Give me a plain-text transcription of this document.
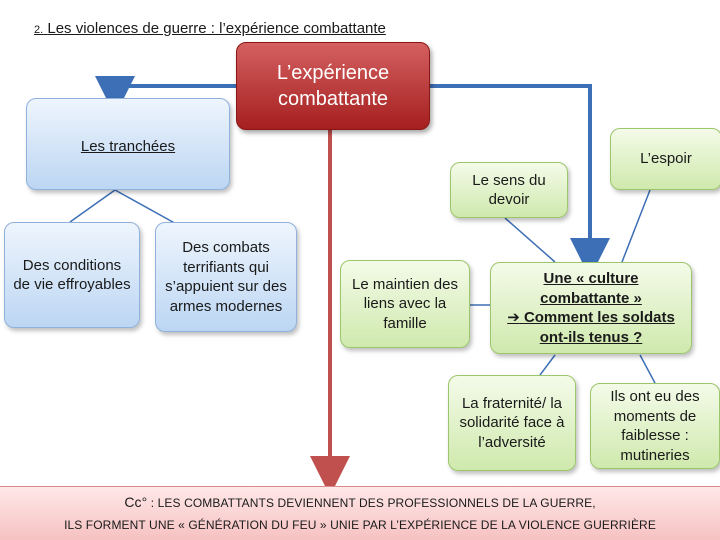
2. Les violences de guerre : l’expérience combattante
L’expérience combattante
Les tranchées
Des conditions de vie effroyables
Des combats terrifiants qui s’appuient sur des armes modernes
Le maintien des liens avec la famille
Le sens du devoir
L’espoir
Une « culture combattante »
➔ Comment les soldats ont-ils tenus ?
La fraternité/ la solidarité face à l’adversité
Ils ont eu des moments de faiblesse : mutineries
Cc° : LES COMBATTANTS DEVIENNENT DES PROFESSIONNELS DE LA GUERRE,
ILS FORMENT UNE « GÉNÉRATION DU FEU » UNIE PAR L’EXPÉRIENCE DE LA VIOLENCE GUERRIÈRE
